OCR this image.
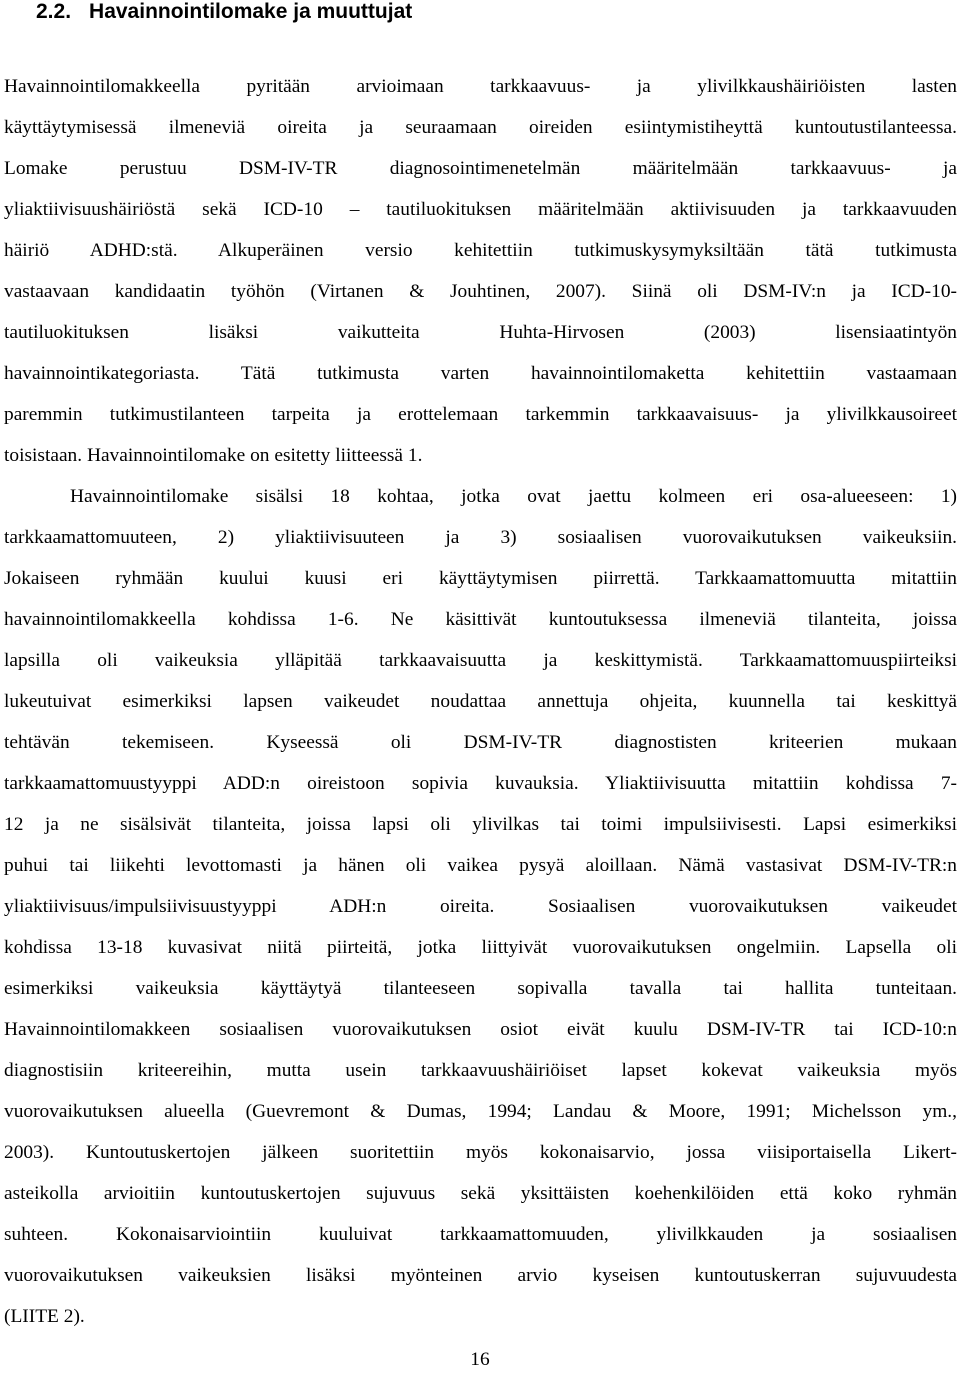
2.2. Havainnointilomake ja muuttujat
Havainnointilomakkeella pyritään arvioimaan tarkkaavuus- ja ylivilkkaushäiriöisten lasten
käyttäytymisessä ilmeneviä oireita ja seuraamaan oireiden esiintymistiheyttä kuntoutustilanteessa.
Lomake perustuu DSM-IV-TR diagnosointimenetelmän määritelmään tarkkaavuus- ja
yliaktiivisuushäiriöstä sekä ICD-10 – tautiluokituksen määritelmään aktiivisuuden ja tarkkaavuuden
häiriö ADHD:stä. Alkuperäinen versio kehitettiin tutkimuskysymyksiltään tätä tutkimusta
vastaavaan kandidaatin työhön (Virtanen & Jouhtinen, 2007). Siinä oli DSM-IV:n ja ICD-10-
tautiluokituksen lisäksi vaikutteita Huhta-Hirvosen (2003) lisensiaatintyön
havainnointikategoriasta. Tätä tutkimusta varten havainnointilomaketta kehitettiin vastaamaan
paremmin tutkimustilanteen tarpeita ja erottelemaan tarkemmin tarkkaavaisuus- ja ylivilkkausoireet
toisistaan. Havainnointilomake on esitetty liitteessä 1.
Havainnointilomake sisälsi 18 kohtaa, jotka ovat jaettu kolmeen eri osa-alueeseen: 1)
tarkkaamattomuuteen, 2) yliaktiivisuuteen ja 3) sosiaalisen vuorovaikutuksen vaikeuksiin.
Jokaiseen ryhmään kuului kuusi eri käyttäytymisen piirrettä. Tarkkaamattomuutta mitattiin
havainnointilomakkeella kohdissa 1-6. Ne käsittivät kuntoutuksessa ilmeneviä tilanteita, joissa
lapsilla oli vaikeuksia ylläpitää tarkkaavaisuutta ja keskittymistä. Tarkkaamattomuuspiirteiksi
lukeutuivat esimerkiksi lapsen vaikeudet noudattaa annettuja ohjeita, kuunnella tai keskittyä
tehtävän tekemiseen. Kyseessä oli DSM-IV-TR diagnostisten kriteerien mukaan
tarkkaamattomuustyyppi ADD:n oireistoon sopivia kuvauksia. Yliaktiivisuutta mitattiin kohdissa 7-
12 ja ne sisälsivät tilanteita, joissa lapsi oli ylivilkas tai toimi impulsiivisesti. Lapsi esimerkiksi
puhui tai liikehti levottomasti ja hänen oli vaikea pysyä aloillaan. Nämä vastasivat DSM-IV-TR:n
yliaktiivisuus/impulsiivisuustyyppi ADH:n oireita. Sosiaalisen vuorovaikutuksen vaikeudet
kohdissa 13-18 kuvasivat niitä piirteitä, jotka liittyivät vuorovaikutuksen ongelmiin. Lapsella oli
esimerkiksi vaikeuksia käyttäytyä tilanteeseen sopivalla tavalla tai hallita tunteitaan.
Havainnointilomakkeen sosiaalisen vuorovaikutuksen osiot eivät kuulu DSM-IV-TR tai ICD-10:n
diagnostisiin kriteereihin, mutta usein tarkkaavuushäiriöiset lapset kokevat vaikeuksia myös
vuorovaikutuksen alueella (Guevremont & Dumas, 1994; Landau & Moore, 1991; Michelsson ym.,
2003). Kuntoutuskertojen jälkeen suoritettiin myös kokonaisarvio, jossa viisiportaisella Likert-
asteikolla arvioitiin kuntoutuskertojen sujuvuus sekä yksittäisten koehenkilöiden että koko ryhmän
suhteen. Kokonaisarviointiin kuuluivat tarkkaamattomuuden, ylivilkkauden ja sosiaalisen
vuorovaikutuksen vaikeuksien lisäksi myönteinen arvio kyseisen kuntoutuskerran sujuvuudesta
(LIITE 2).
16
